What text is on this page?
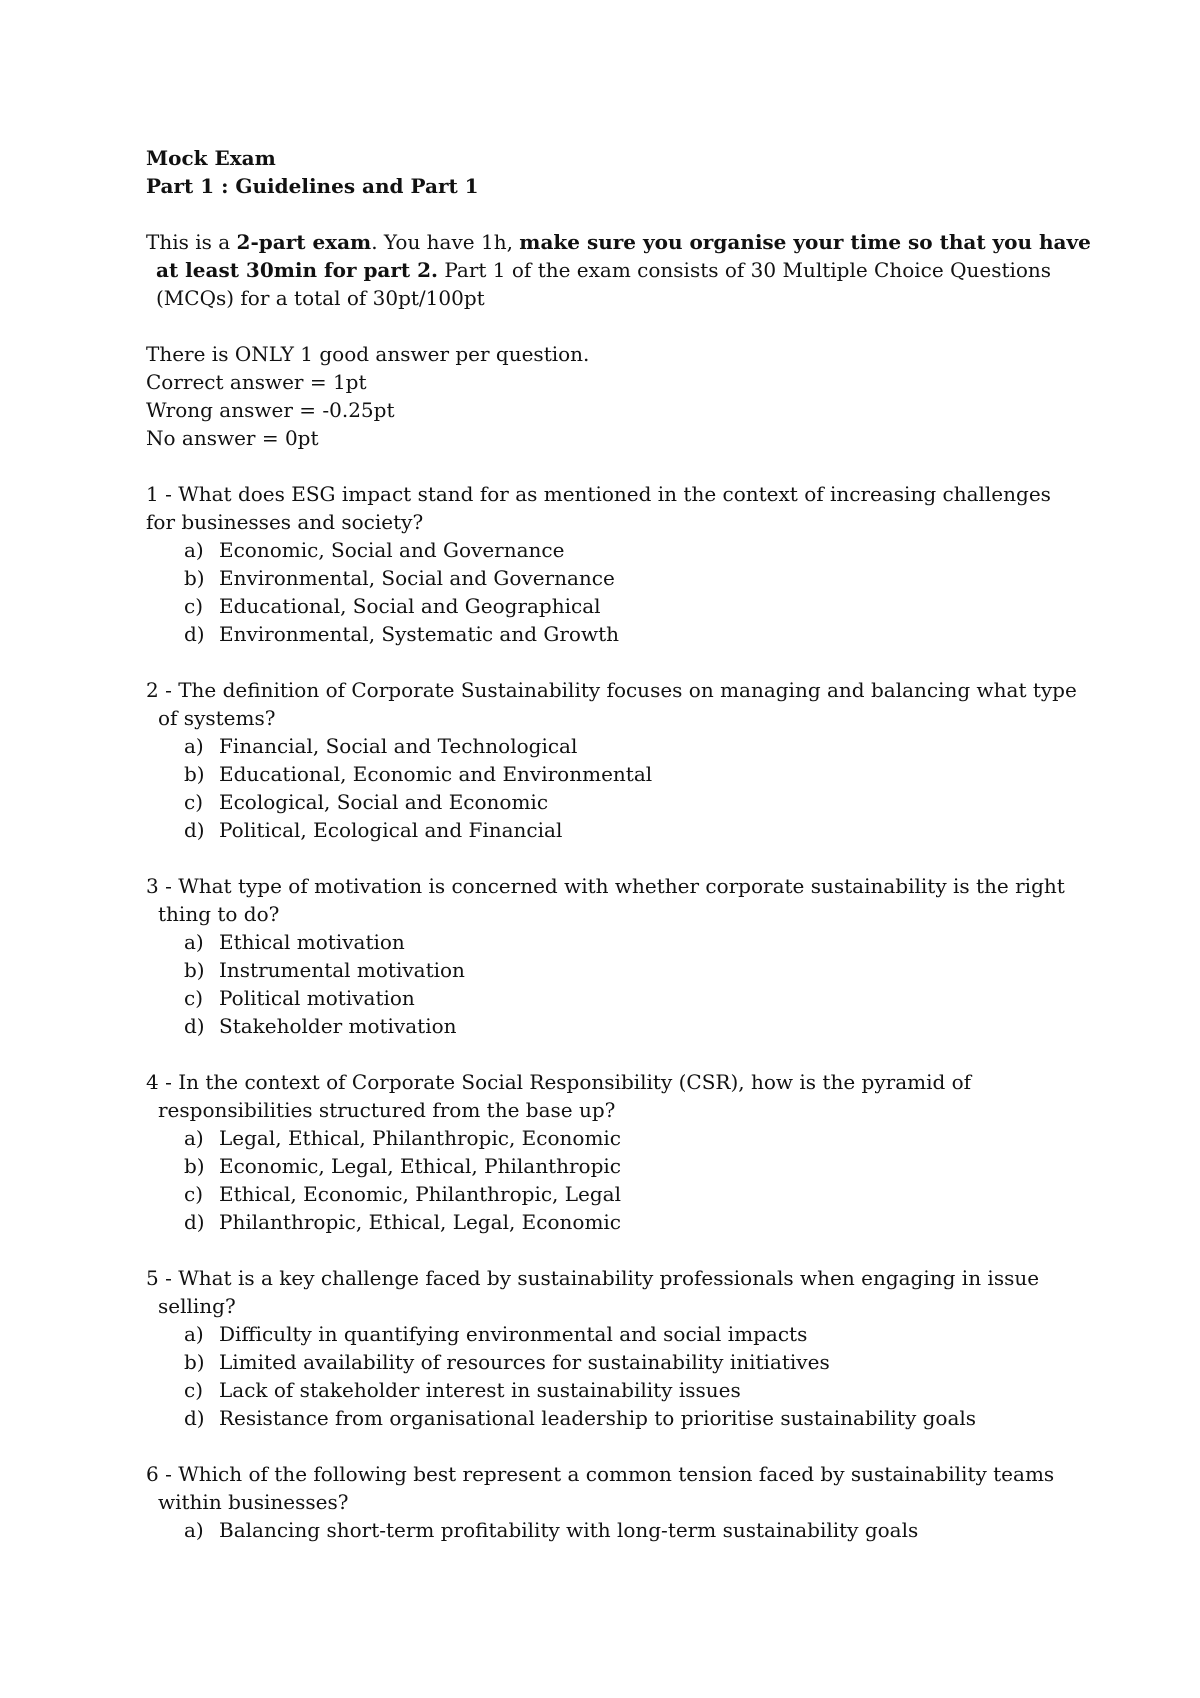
Mock Exam
Part 1 : Guidelines and Part 1
This is a 2-part exam. You have 1h, make sure you organise your time so that you have
at least 30min for part 2. Part 1 of the exam consists of 30 Multiple Choice Questions
(MCQs) for a total of 30pt/100pt
There is ONLY 1 good answer per question.
Correct answer = 1pt
Wrong answer = -0.25pt
No answer = 0pt
1 - What does ESG impact stand for as mentioned in the context of increasing challenges
for businesses and society?
a) Economic, Social and Governance
b) Environmental, Social and Governance
c) Educational, Social and Geographical
d) Environmental, Systematic and Growth
2 - The definition of Corporate Sustainability focuses on managing and balancing what type
of systems?
a) Financial, Social and Technological
b) Educational, Economic and Environmental
c) Ecological, Social and Economic
d) Political, Ecological and Financial
3 - What type of motivation is concerned with whether corporate sustainability is the right
thing to do?
a) Ethical motivation
b) Instrumental motivation
c) Political motivation
d) Stakeholder motivation
4 - In the context of Corporate Social Responsibility (CSR), how is the pyramid of
responsibilities structured from the base up?
a) Legal, Ethical, Philanthropic, Economic
b) Economic, Legal, Ethical, Philanthropic
c) Ethical, Economic, Philanthropic, Legal
d) Philanthropic, Ethical, Legal, Economic
5 - What is a key challenge faced by sustainability professionals when engaging in issue
selling?
a) Difficulty in quantifying environmental and social impacts
b) Limited availability of resources for sustainability initiatives
c) Lack of stakeholder interest in sustainability issues
d) Resistance from organisational leadership to prioritise sustainability goals
6 - Which of the following best represent a common tension faced by sustainability teams
within businesses?
a) Balancing short-term profitability with long-term sustainability goals
